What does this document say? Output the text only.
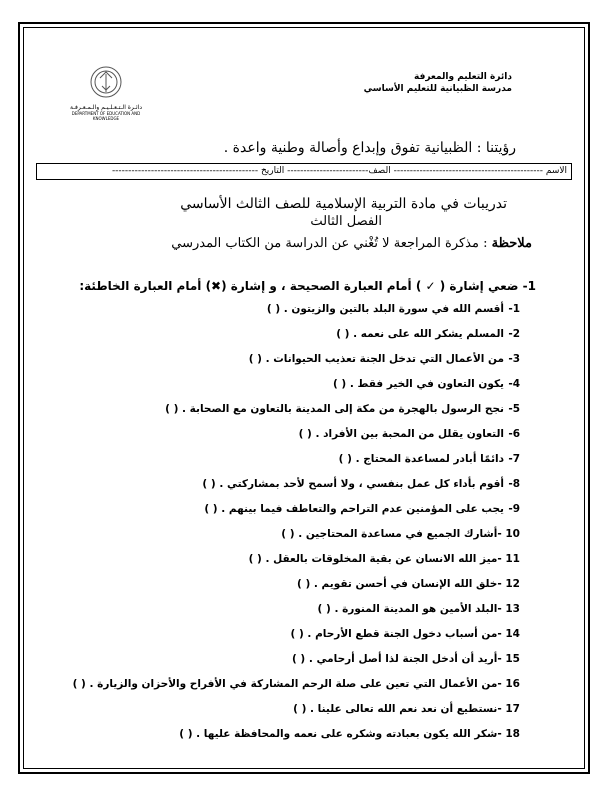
دائرة التعليم والمعرفة
مدرسة الظبيانية للتعليم الأساسي
دائـرة الـتـعـلـيـم والـمـعـرفـة
DEPARTMENT OF EDUCATION AND KNOWLEDGE
رؤيتنا : الظبيانية تفوق وإبداع وأصالة وطنية واعدة .
الاسم ---------------------------------------------- الصف------------------------- التاريخ ---------------------------------------------
تدريبات في مادة التربية الإسلامية للصف الثالث الأساسي
الفصل الثالث
ملاحظة : مذكرة المراجعة لا تُغْني عن الدراسة من الكتاب المدرسي
1- ضعي إشارة ( ✓ ) أمام العبارة الصحيحة ، و إشارة (✖) أمام العبارة الخاطئة:
1-أقسم الله في سورة البلد بالتين والزيتون . ( )
2-المسلم يشكر الله على نعمه . ( )
3-من الأعمال التي تدخل الجنة تعذيب الحيوانات . ( )
4-يكون التعاون في الخير فقط . ( )
5-نجح الرسول بالهجرة من مكة إلى المدينة بالتعاون مع الصحابة . ( )
6-التعاون يقلل من المحبة بين الأفراد . ( )
7-دائمًا أبادر لمساعدة المحتاج . ( )
8-أقوم بأداء كل عمل بنفسي ، ولا أسمح لأحد بمشاركتي . ( )
9-يجب على المؤمنين عدم التراحم والتعاطف فيما بينهم . ( )
10 -أشارك الجميع في مساعدة المحتاجين . ( )
11 -ميز الله الانسان عن بقية المخلوقات بالعقل . ( )
12 -خلق الله الإنسان في أحسن تقويم . ( )
13 -البلد الأمين هو المدينة المنورة . ( )
14 -من أسباب دخول الجنة قطع الأرحام . ( )
15 -أريد أن أدخل الجنة لذا أصل أرحامي . ( )
16 -من الأعمال التي تعين على صلة الرحم المشاركة في الأفراح والأحزان والزيارة . ( )
17 -نستطيع أن نعد نعم الله تعالى علينا . ( )
18 -شكر الله يكون بعبادته وشكره على نعمه والمحافظة عليها . ( )
